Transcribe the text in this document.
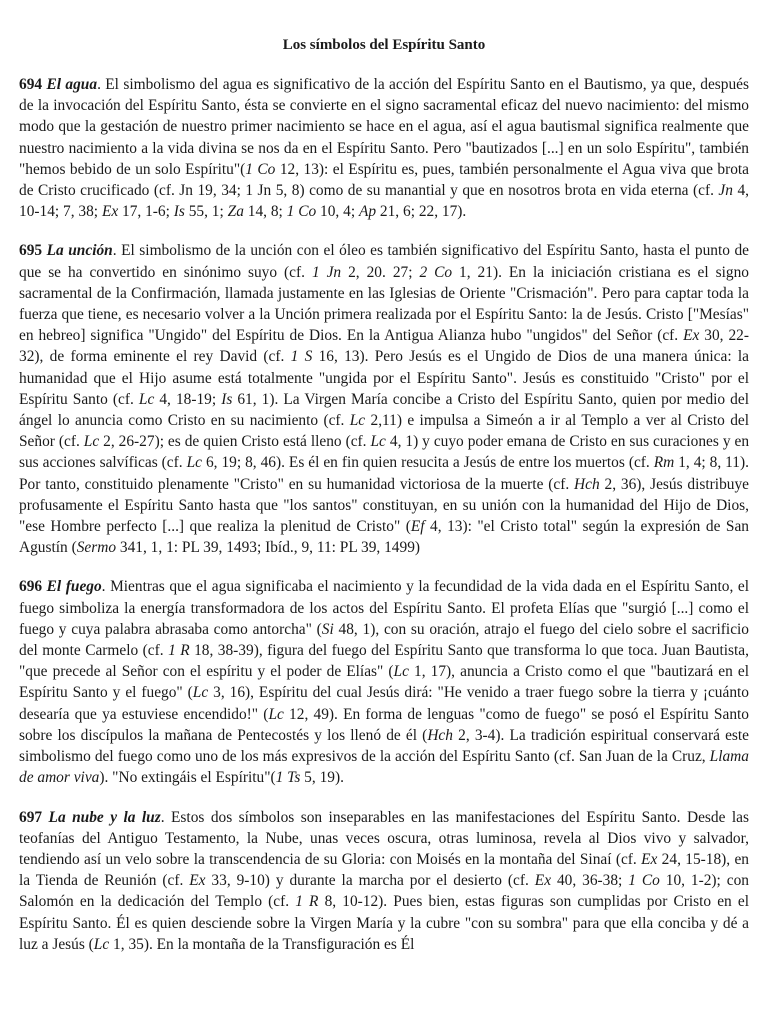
Los símbolos del Espíritu Santo

694 El agua. El simbolismo del agua es significativo de la acción del Espíritu Santo en el Bautismo, ya que, después de la invocación del Espíritu Santo, ésta se convierte en el signo sacramental eficaz del nuevo nacimiento: del mismo modo que la gestación de nuestro primer nacimiento se hace en el agua, así el agua bautismal significa realmente que nuestro nacimiento a la vida divina se nos da en el Espíritu Santo. Pero "bautizados [...] en un solo Espíritu", también "hemos bebido de un solo Espíritu"(1 Co 12, 13): el Espíritu es, pues, también personalmente el Agua viva que brota de Cristo crucificado (cf. Jn 19, 34; 1 Jn 5, 8) como de su manantial y que en nosotros brota en vida eterna (cf. Jn 4, 10-14; 7, 38; Ex 17, 1-6; Is 55, 1; Za 14, 8; 1 Co 10, 4; Ap 21, 6; 22, 17).

695 La unción. El simbolismo de la unción con el óleo es también significativo del Espíritu Santo, hasta el punto de que se ha convertido en sinónimo suyo (cf. 1 Jn 2, 20. 27; 2 Co 1, 21). En la iniciación cristiana es el signo sacramental de la Confirmación, llamada justamente en las Iglesias de Oriente "Crismación". Pero para captar toda la fuerza que tiene, es necesario volver a la Unción primera realizada por el Espíritu Santo: la de Jesús. Cristo ["Mesías" en hebreo] significa "Ungido" del Espíritu de Dios. En la Antigua Alianza hubo "ungidos" del Señor (cf. Ex 30, 22-32), de forma eminente el rey David (cf. 1 S 16, 13). Pero Jesús es el Ungido de Dios de una manera única: la humanidad que el Hijo asume está totalmente "ungida por el Espíritu Santo". Jesús es constituido "Cristo" por el Espíritu Santo (cf. Lc 4, 18-19; Is 61, 1). La Virgen María concibe a Cristo del Espíritu Santo, quien por medio del ángel lo anuncia como Cristo en su nacimiento (cf. Lc 2,11) e impulsa a Simeón a ir al Templo a ver al Cristo del Señor (cf. Lc 2, 26-27); es de quien Cristo está lleno (cf. Lc 4, 1) y cuyo poder emana de Cristo en sus curaciones y en sus acciones salvíficas (cf. Lc 6, 19; 8, 46). Es él en fin quien resucita a Jesús de entre los muertos (cf. Rm 1, 4; 8, 11). Por tanto, constituido plenamente "Cristo" en su humanidad victoriosa de la muerte (cf. Hch 2, 36), Jesús distribuye profusamente el Espíritu Santo hasta que "los santos" constituyan, en su unión con la humanidad del Hijo de Dios, "ese Hombre perfecto [...] que realiza la plenitud de Cristo" (Ef 4, 13): "el Cristo total" según la expresión de San Agustín (Sermo 341, 1, 1: PL 39, 1493; Ibíd., 9, 11: PL 39, 1499)

696 El fuego. Mientras que el agua significaba el nacimiento y la fecundidad de la vida dada en el Espíritu Santo, el fuego simboliza la energía transformadora de los actos del Espíritu Santo. El profeta Elías que "surgió [...] como el fuego y cuya palabra abrasaba como antorcha" (Si 48, 1), con su oración, atrajo el fuego del cielo sobre el sacrificio del monte Carmelo (cf. 1 R 18, 38-39), figura del fuego del Espíritu Santo que transforma lo que toca. Juan Bautista, "que precede al Señor con el espíritu y el poder de Elías" (Lc 1, 17), anuncia a Cristo como el que "bautizará en el Espíritu Santo y el fuego" (Lc 3, 16), Espíritu del cual Jesús dirá: "He venido a traer fuego sobre la tierra y ¡cuánto desearía que ya estuviese encendido!" (Lc 12, 49). En forma de lenguas "como de fuego" se posó el Espíritu Santo sobre los discípulos la mañana de Pentecostés y los llenó de él (Hch 2, 3-4). La tradición espiritual conservará este simbolismo del fuego como uno de los más expresivos de la acción del Espíritu Santo (cf. San Juan de la Cruz, Llama de amor viva). "No extingáis el Espíritu"(1 Ts 5, 19).

697 La nube y la luz. Estos dos símbolos son inseparables en las manifestaciones del Espíritu Santo. Desde las teofanías del Antiguo Testamento, la Nube, unas veces oscura, otras luminosa, revela al Dios vivo y salvador, tendiendo así un velo sobre la transcendencia de su Gloria: con Moisés en la montaña del Sinaí (cf. Ex 24, 15-18), en la Tienda de Reunión (cf. Ex 33, 9-10) y durante la marcha por el desierto (cf. Ex 40, 36-38; 1 Co 10, 1-2); con Salomón en la dedicación del Templo (cf. 1 R 8, 10-12). Pues bien, estas figuras son cumplidas por Cristo en el Espíritu Santo. Él es quien desciende sobre la Virgen María y la cubre "con su sombra" para que ella conciba y dé a luz a Jesús (Lc 1, 35). En la montaña de la Transfiguración es Él
